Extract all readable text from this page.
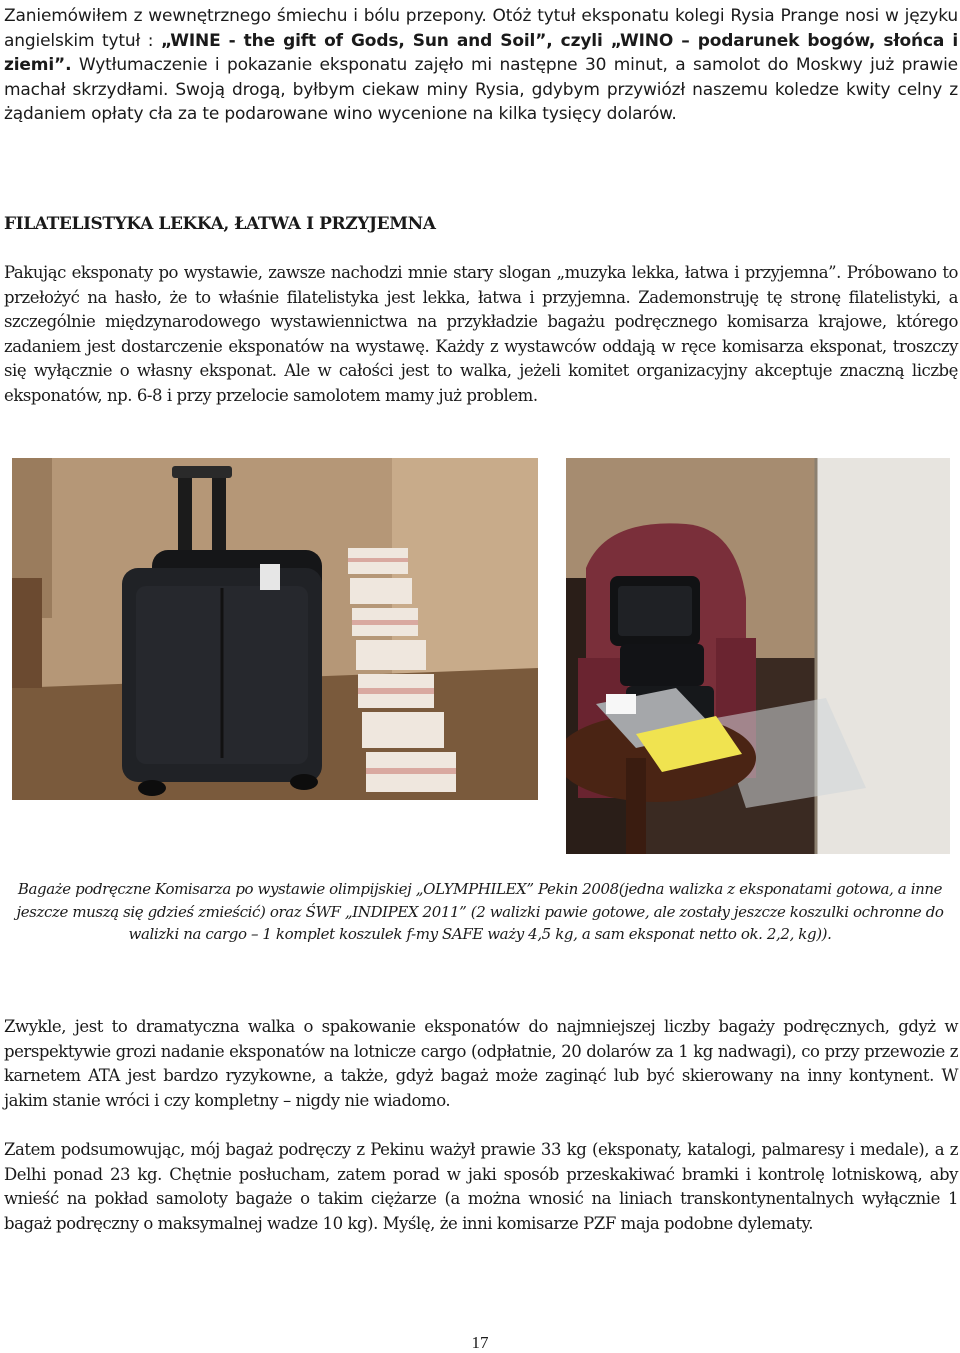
Zaniemówiłem z wewnętrznego śmiechu i bólu przepony. Otóż tytuł eksponatu kolegi Rysia Prange nosi w języku angielskim tytuł : „WINE - the gift of Gods, Sun and Soil”, czyli „WINO – podarunek bogów, słońca i ziemi”. Wytłumaczenie i pokazanie eksponatu zajęło mi następne 30 minut, a samolot do Moskwy już prawie machał skrzydłami. Swoją drogą, byłbym ciekaw miny Rysia, gdybym przywiózł naszemu koledze kwity celny z żądaniem opłaty cła za te podarowane wino wycenione na kilka tysięcy dolarów.

FILATELISTYKA LEKKA, ŁATWA I PRZYJEMNA

Pakując eksponaty po wystawie, zawsze nachodzi mnie stary slogan „muzyka lekka, łatwa i przyjemna”. Próbowano to przełożyć na hasło, że to właśnie filatelistyka jest lekka, łatwa i przyjemna. Zademonstruję tę stronę filatelistyki, a szczególnie międzynarodowego wystawiennictwa na przykładzie bagażu podręcznego komisarza krajowe, którego zadaniem jest dostarczenie eksponatów na wystawę. Każdy z wystawców oddają w ręce komisarza eksponat, troszczy się wyłącznie o własny eksponat. Ale w całości jest to walka, jeżeli komitet organizacyjny akceptuje znaczną liczbę eksponatów, np. 6-8 i przy przelocie samolotem mamy już problem.

Bagaże podręczne Komisarza po wystawie olimpijskiej „OLYMPHILEX” Pekin 2008(jedna walizka z eksponatami gotowa, a inne jeszcze muszą się gdzieś zmieścić) oraz ŚWF „INDIPEX 2011” (2 walizki pawie gotowe, ale zostały jeszcze koszulki ochronne do walizki na cargo – 1 komplet koszulek f-my SAFE waży 4,5 kg, a sam eksponat netto ok. 2,2, kg)).

Zwykle, jest to dramatyczna walka o spakowanie eksponatów do najmniejszej liczby bagaży podręcznych, gdyż w perspektywie grozi nadanie eksponatów na lotnicze cargo (odpłatnie, 20 dolarów za 1 kg nadwagi), co przy przewozie z karnetem ATA jest bardzo ryzykowne, a także, gdyż bagaż może zaginąć lub być skierowany na inny kontynent. W jakim stanie wróci i czy kompletny – nigdy nie wiadomo.

Zatem podsumowując, mój bagaż podręczy z Pekinu ważył prawie 33 kg (eksponaty, katalogi, palmaresy i medale), a z Delhi ponad 23 kg. Chętnie posłucham, zatem porad w jaki sposób przeskakiwać bramki i kontrolę lotniskową, aby wnieść na pokład samoloty bagaże o takim ciężarze (a można wnosić na liniach transkontynentalnych wyłącznie 1 bagaż podręczny o maksymalnej wadze 10 kg). Myślę, że inni komisarze PZF maja podobne dylematy.

17
